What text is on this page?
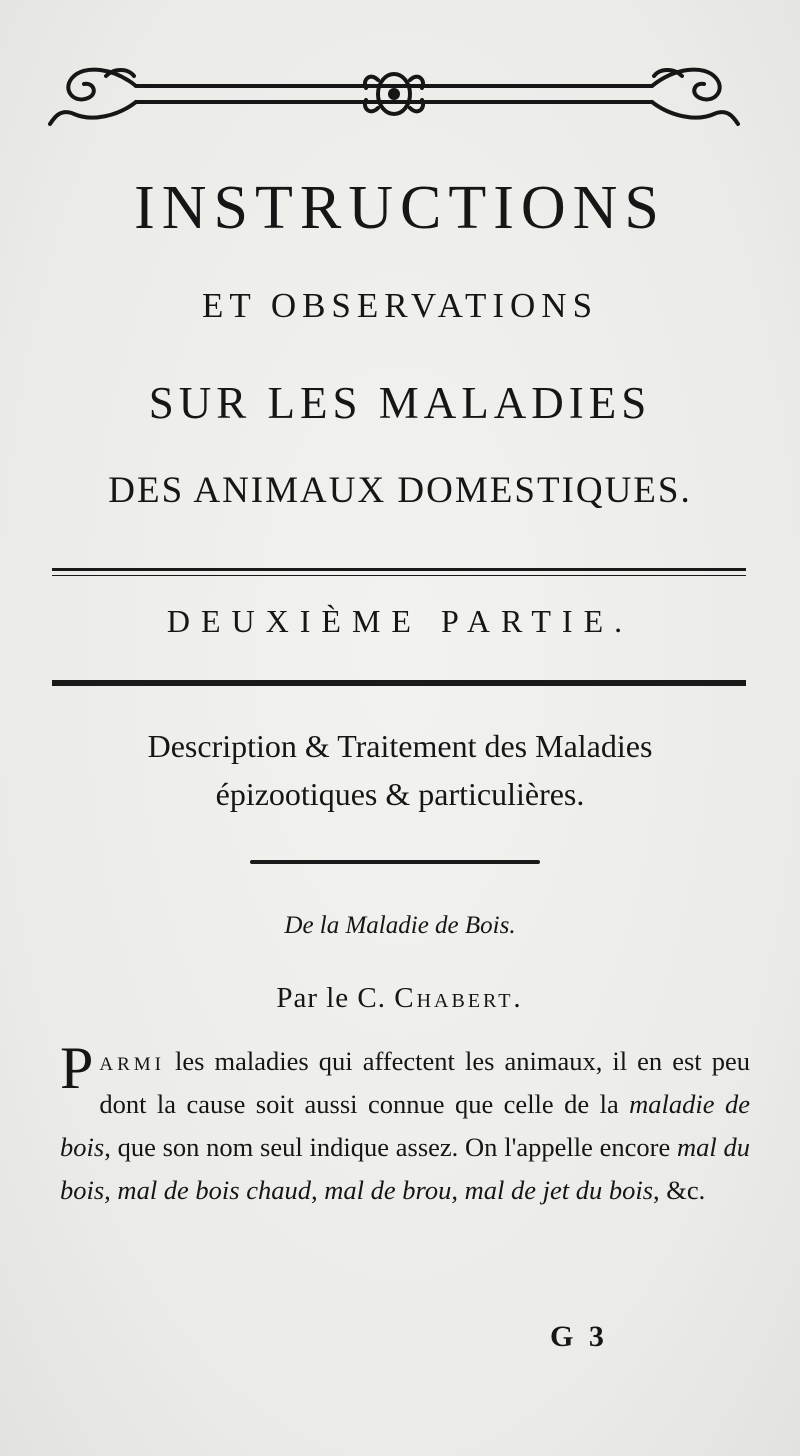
INSTRUCTIONS
ET OBSERVATIONS
SUR LES MALADIES
DES ANIMAUX DOMESTIQUES.
DEUXIÈME PARTIE.
Description & Traitement des Maladies
épizootiques & particulières.
De la Maladie de Bois.
Par le C. Chabert.

Parmi les maladies qui affectent les animaux, il en est peu dont la cause soit aussi connue que celle de la maladie de bois, que son nom seul indique assez. On l'appelle encore mal du bois, mal de bois chaud, mal de brou, mal de jet du bois, &c.

G 3
